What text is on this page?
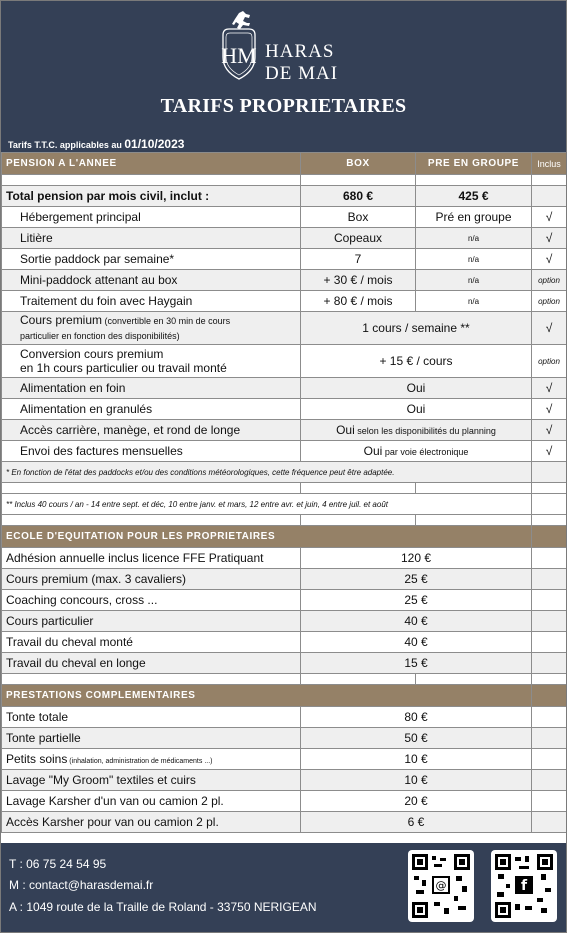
HM HARAS
DE MAI
TARIFS PROPRIETAIRES
Tarifs T.T.C. applicables au 01/10/2023
PENSION A L'ANNEE	BOX	PRE EN GROUPE	Inclus

Total pension par mois civil, inclut :	680 €	425 €	
Hébergement principal	Box	Pré en groupe	√
Litière	Copeaux	n/a	√
Sortie paddock par semaine*	7	n/a	√
Mini-paddock attenant au box	+ 30 € / mois	n/a	option
Traitement du foin avec Haygain	+ 80 € / mois	n/a	option
Cours premium (convertible en 30 min de cours
particulier en fonction des disponibilités)	1 cours / semaine **		√
Conversion cours premium
en 1h cours particulier ou travail monté	+ 15 € / cours		option
Alimentation en foin	Oui		√
Alimentation en granulés	Oui		√
Accès carrière, manège, et rond de longe	Oui selon les disponibilités du planning		√
Envoi des factures mensuelles	Oui par voie électronique		√
* En fonction de l'état des paddocks et/ou des conditions météorologiques, cette fréquence peut être adaptée.			

** Inclus 40 cours / an - 14 entre sept. et déc, 10 entre janv. et mars, 12 entre avr. et juin, 4 entre juil. et août			

ECOLE D'EQUITATION POUR LES PROPRIETAIRES			
Adhésion annuelle inclus licence FFE Pratiquant	120 €		
Cours premium (max. 3 cavaliers)	25 €		
Coaching concours, cross ...	25 €		
Cours particulier	40 €		
Travail du cheval monté	40 €		
Travail du cheval en longe	15 €		

PRESTATIONS COMPLEMENTAIRES			
Tonte totale	80 €		
Tonte partielle	50 €		
Petits soins (inhalation, administration de médicaments ...)	10 €		
Lavage "My Groom" textiles et cuirs	10 €		
Lavage Karsher d'un van ou camion 2 pl.	20 €		
Accès Karsher pour van ou camion 2 pl.	6 €		
T : 06 75 24 54 95
M : contact@harasdemai.fr
A : 1049 route de la Traille de Roland - 33750 NERIGEAN
@	f
